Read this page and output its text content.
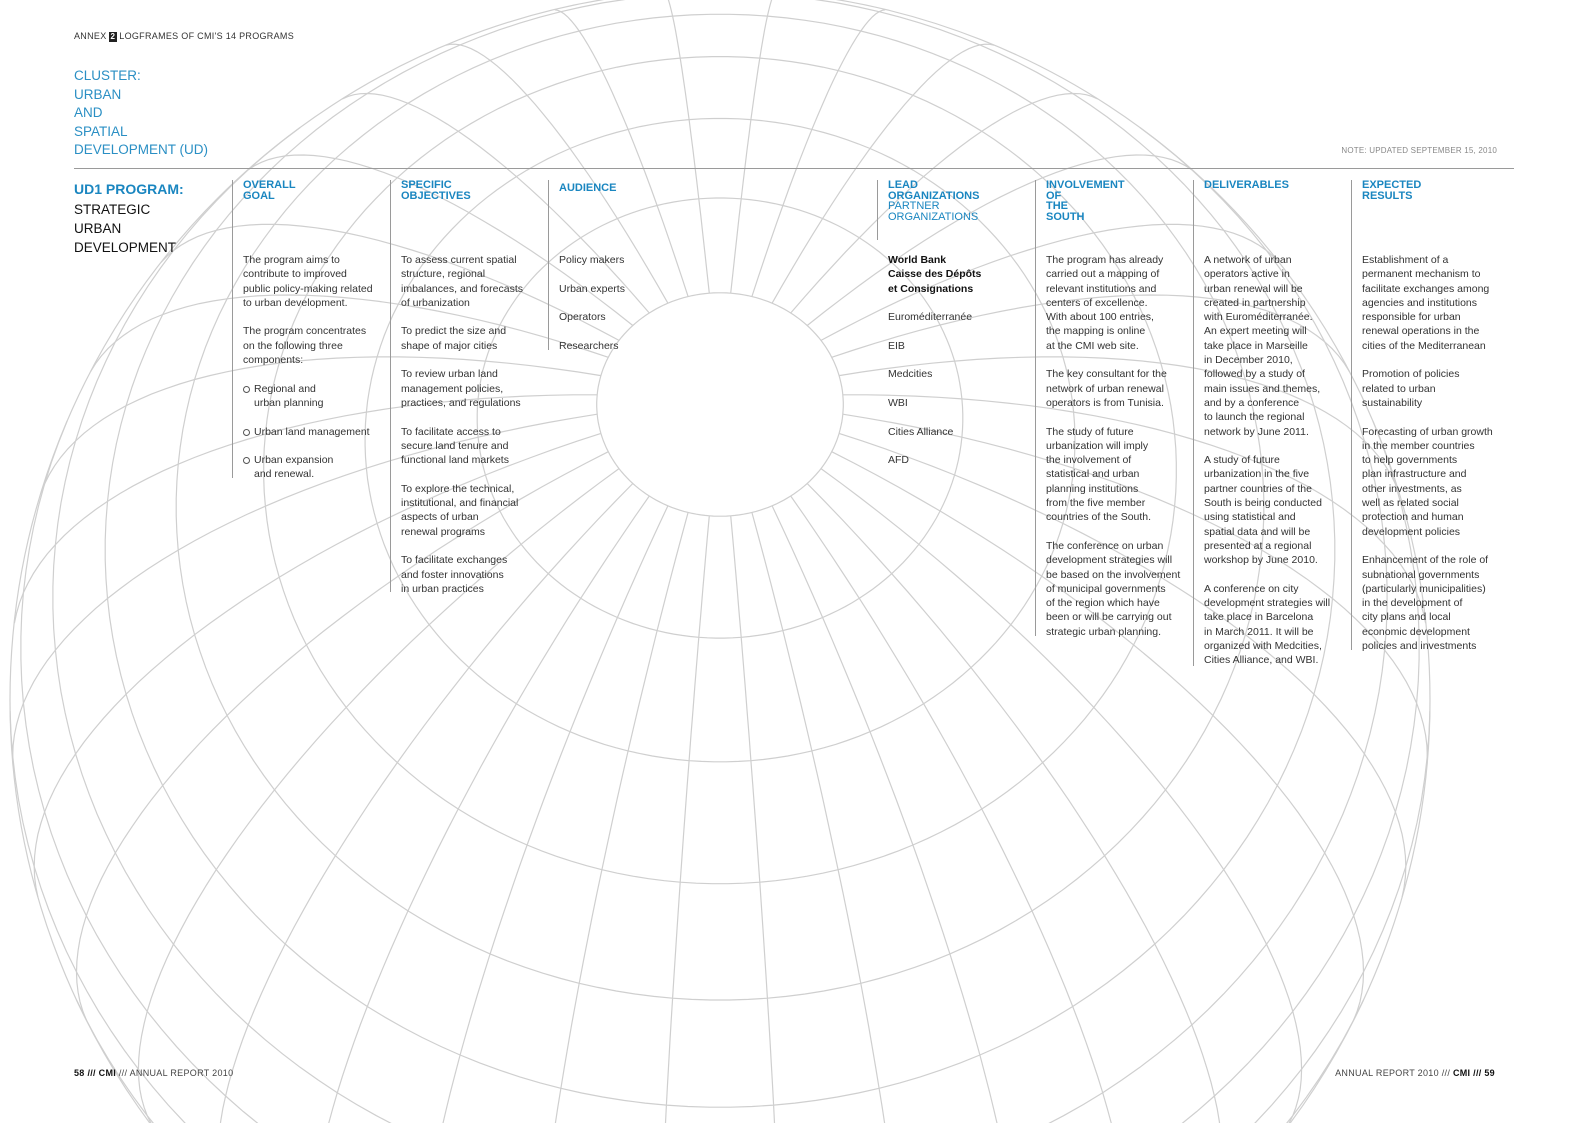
ANNEX 2 LOGFRAMES OF CMI'S 14 PROGRAMS
CLUSTER:
URBAN
AND
SPATIAL
DEVELOPMENT (UD)	NOTE: UPDATED SEPTEMBER 15, 2010
UD1 PROGRAM:
STRATEGIC
URBAN
DEVELOPMENT
OVERALL
GOAL
The program aims to
contribute to improved
public policy-making related
to urban development.
The program concentrates
on the following three
components:
Regional and
urban planning
Urban land management
Urban expansion
and renewal.
SPECIFIC
OBJECTIVES
To assess current spatial
structure, regional
imbalances, and forecasts
of urbanization
To predict the size and
shape of major cities
To review urban land
management policies,
practices, and regulations
To facilitate access to
secure land tenure and
functional land markets
To explore the technical,
institutional, and financial
aspects of urban
renewal programs
To facilitate exchanges
and foster innovations
in urban practices
AUDIENCE
Policy makers
Urban experts
Operators
Researchers
LEAD
ORGANIZATIONS
PARTNER
ORGANIZATIONS
World Bank
Caisse des Dépôts
et Consignations
Euroméditerranée
EIB
Medcities
WBI
Cities Alliance
AFD
INVOLVEMENT
OF
THE
SOUTH
The program has already
carried out a mapping of
relevant institutions and
centers of excellence.
With about 100 entries,
the mapping is online
at the CMI web site.
The key consultant for the
network of urban renewal
operators is from Tunisia.
The study of future
urbanization will imply
the involvement of
statistical and urban
planning institutions
from the five member
countries of the South.
The conference on urban
development strategies will
be based on the involvement
of municipal governments
of the region which have
been or will be carrying out
strategic urban planning.
DELIVERABLES
A network of urban
operators active in
urban renewal will be
created in partnership
with Euroméditerranée.
An expert meeting will
take place in Marseille
in December 2010,
followed by a study of
main issues and themes,
and by a conference
to launch the regional
network by June 2011.
A study of future
urbanization in the five
partner countries of the
South is being conducted
using statistical and
spatial data and will be
presented at a regional
workshop by June 2010.
A conference on city
development strategies will
take place in Barcelona
in March 2011. It will be
organized with Medcities,
Cities Alliance, and WBI.
EXPECTED
RESULTS
Establishment of a
permanent mechanism to
facilitate exchanges among
agencies and institutions
responsible for urban
renewal operations in the
cities of the Mediterranean
Promotion of policies
related to urban
sustainability
Forecasting of urban growth
in the member countries
to help governments
plan infrastructure and
other investments, as
well as related social
protection and human
development policies
Enhancement of the role of
subnational governments
(particularly municipalities)
in the development of
city plans and local
economic development
policies and investments
58 /// CMI /// ANNUAL REPORT 2010	ANNUAL REPORT 2010 /// CMI /// 59
